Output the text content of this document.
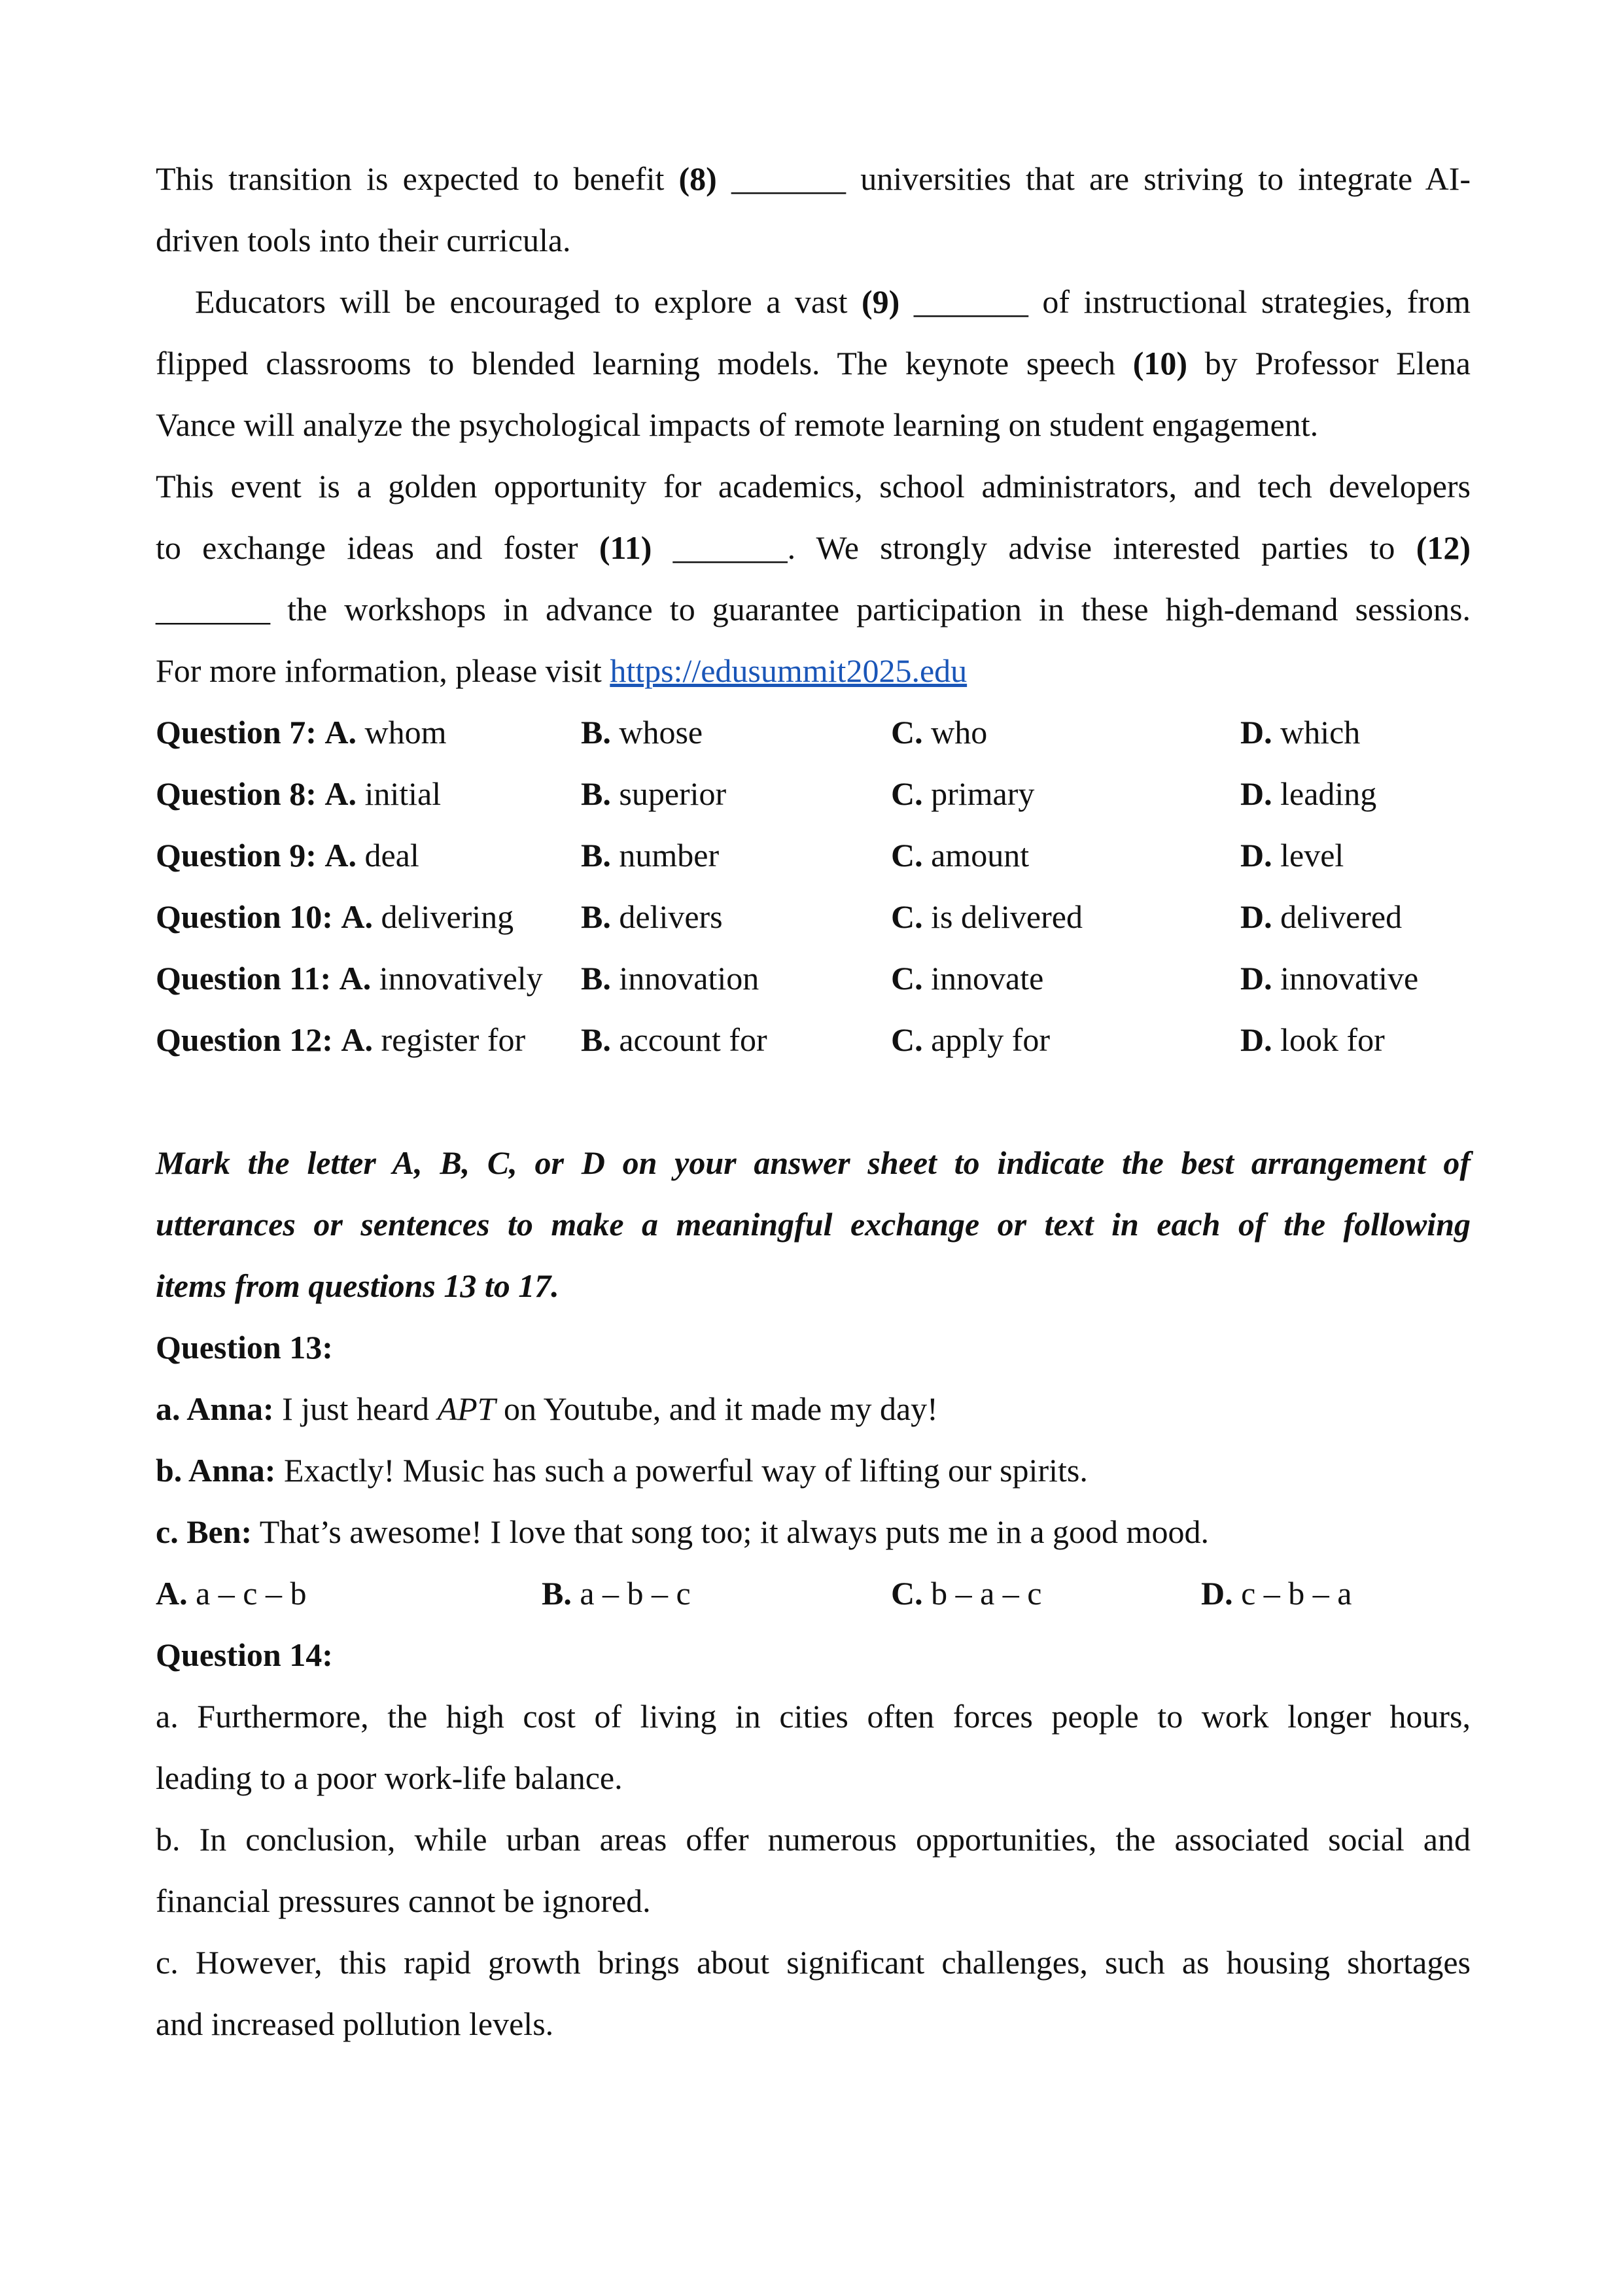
This transition is expected to benefit (8) _______ universities that are striving to integrate AI-
driven tools into their curricula.
Educators will be encouraged to explore a vast (9) _______ of instructional strategies, from
flipped classrooms to blended learning models. The keynote speech (10) by Professor Elena
Vance will analyze the psychological impacts of remote learning on student engagement.
This event is a golden opportunity for academics, school administrators, and tech developers
to exchange ideas and foster (11) _______. We strongly advise interested parties to (12)
_______ the workshops in advance to guarantee participation in these high-demand sessions.
For more information, please visit https://edusummit2025.edu
Question 7: A. whom	B. whose	C. who	D. which
Question 8: A. initial	B. superior	C. primary	D. leading
Question 9: A. deal	B. number	C. amount	D. level
Question 10: A. delivering B. delivers	C. is delivered	D. delivered
Question 11: A. innovatively B. innovation	C. innovate	D. innovative
Question 12: A. register for B. account for	C. apply for	D. look for
Mark the letter A, B, C, or D on your answer sheet to indicate the best arrangement of
utterances or sentences to make a meaningful exchange or text in each of the following
items from questions 13 to 17.
Question 13:
a. Anna: I just heard APT on Youtube, and it made my day!
b. Anna: Exactly! Music has such a powerful way of lifting our spirits.
c. Ben: That’s awesome! I love that song too; it always puts me in a good mood.
A. a – c – b	B. a – b – c	C. b – a – c	D. c – b – a
Question 14:
a. Furthermore, the high cost of living in cities often forces people to work longer hours,
leading to a poor work-life balance.
b. In conclusion, while urban areas offer numerous opportunities, the associated social and
financial pressures cannot be ignored.
c. However, this rapid growth brings about significant challenges, such as housing shortages
and increased pollution levels.
